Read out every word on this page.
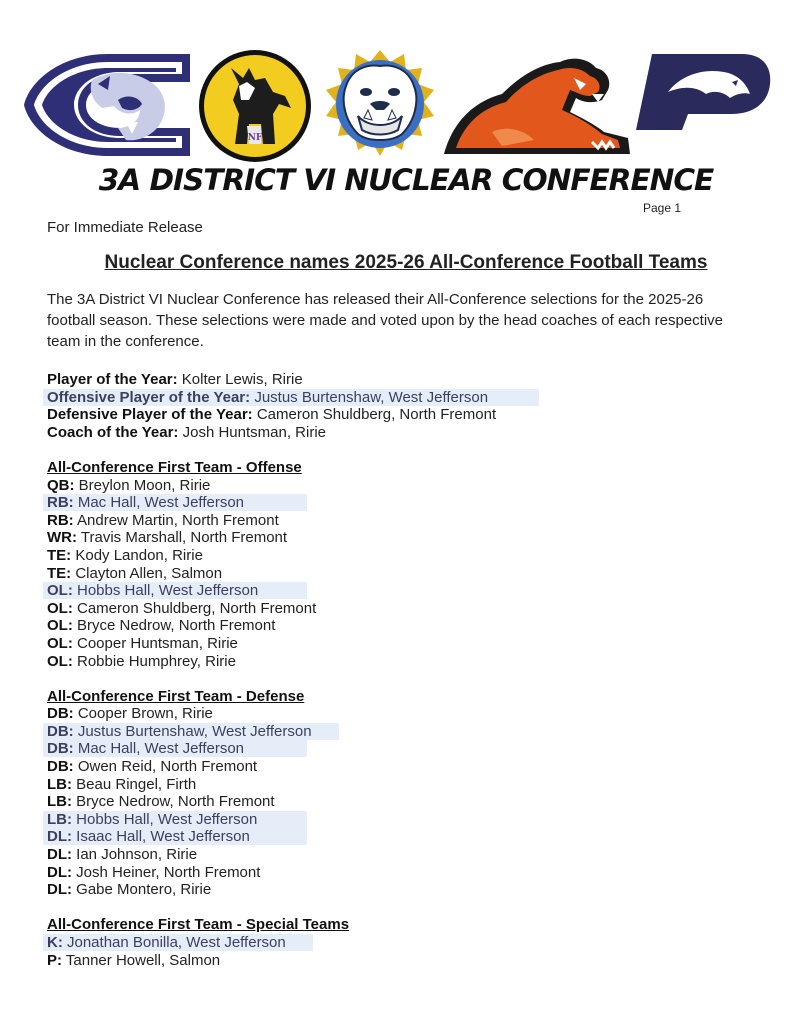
NF
3A DISTRICT VI NUCLEAR CONFERENCE
Page 1
For Immediate Release
Nuclear Conference names 2025-26 All-Conference Football Teams
The 3A District VI Nuclear Conference has released their All-Conference selections for the 2025-26 football season. These selections were made and voted upon by the head coaches of each respective team in the conference.
Player of the Year: Kolter Lewis, Ririe
Offensive Player of the Year: Justus Burtenshaw, West Jefferson
Defensive Player of the Year: Cameron Shuldberg, North Fremont
Coach of the Year: Josh Huntsman, Ririe
All-Conference First Team - Offense
QB: Breylon Moon, Ririe
RB: Mac Hall, West Jefferson
RB: Andrew Martin, North Fremont
WR: Travis Marshall, North Fremont
TE: Kody Landon, Ririe
TE: Clayton Allen, Salmon
OL: Hobbs Hall, West Jefferson
OL: Cameron Shuldberg, North Fremont
OL: Bryce Nedrow, North Fremont
OL: Cooper Huntsman, Ririe
OL: Robbie Humphrey, Ririe
All-Conference First Team - Defense
DB: Cooper Brown, Ririe
DB: Justus Burtenshaw, West Jefferson
DB: Mac Hall, West Jefferson
DB: Owen Reid, North Fremont
LB: Beau Ringel, Firth
LB: Bryce Nedrow, North Fremont
LB: Hobbs Hall, West Jefferson
DL: Isaac Hall, West Jefferson
DL: Ian Johnson, Ririe
DL: Josh Heiner, North Fremont
DL: Gabe Montero, Ririe
All-Conference First Team - Special Teams
K: Jonathan Bonilla, West Jefferson
P: Tanner Howell, Salmon
